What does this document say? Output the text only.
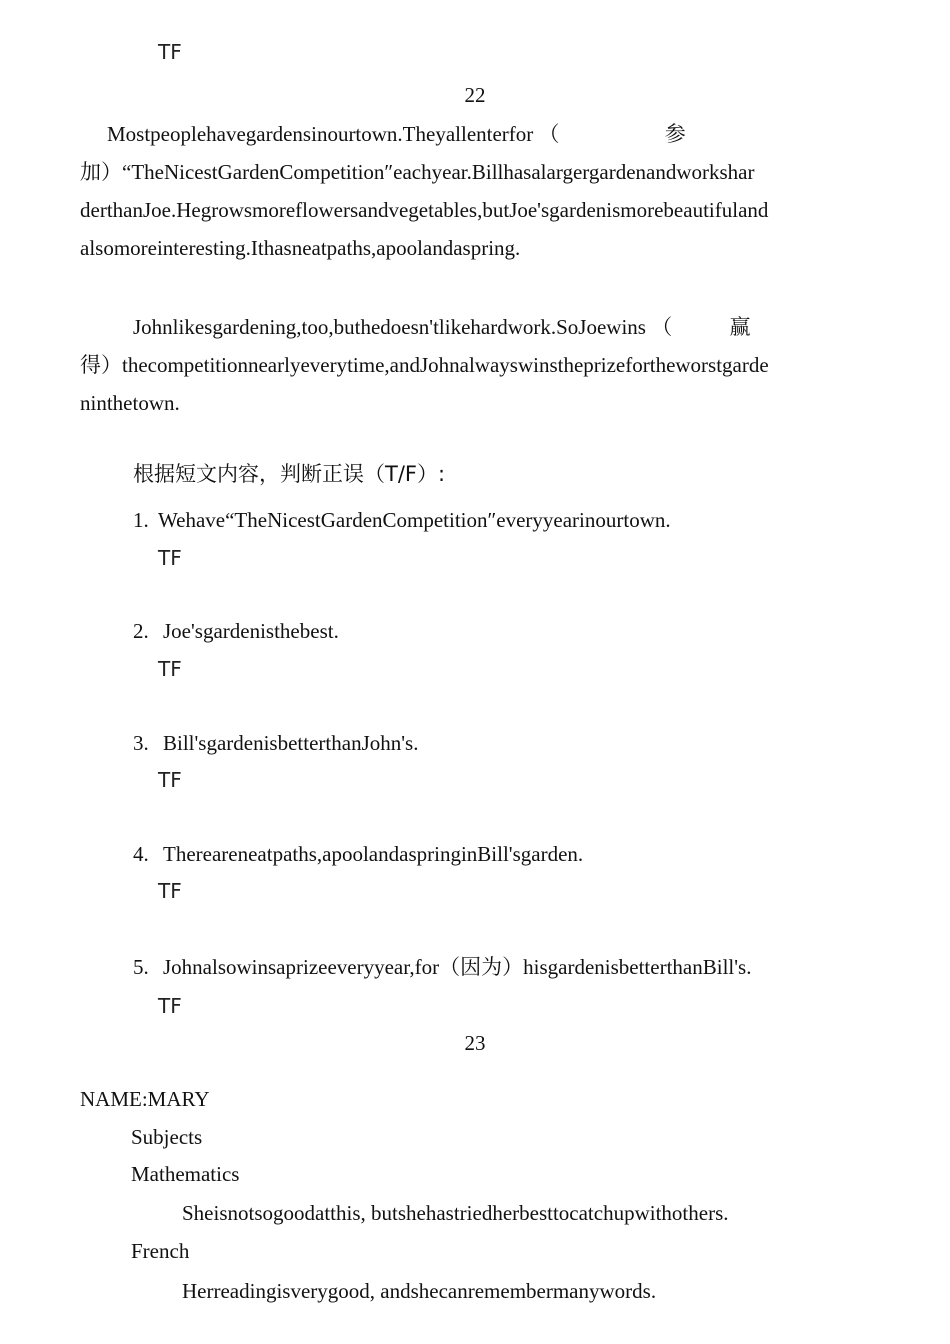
TF
22
Mostpeoplehavegardensinourtown.Theyallenterfor （	参
加）“TheNicestGardenCompetition″eachyear.Billhasalargergardenandworkshar
derthanJoe.Hegrowsmoreflowersandvegetables,butJoe'sgardenismorebeautifuland
alsomoreinteresting.Ithasneatpaths,apoolandaspring.
Johnlikesgardening,too,buthedoesn'tlikehardwork.SoJoewins （	赢
得）thecompetitionnearlyeverytime,andJohnalwayswinstheprizefortheworstgarde
ninthetown.
根据短文内容，判断正误（T/F）:
1. Wehave“TheNicestGardenCompetition″everyyearinourtown.
TF
2. Joe'sgardenisthebest.
TF
3. Bill'sgardenisbetterthanJohn's.
TF
4. Thereareneatpaths,apoolandaspringinBill'sgarden.
TF
5. Johnalsowinsaprizeeveryyear,for（因为）hisgardenisbetterthanBill's.
TF
23
NAME:MARY
Subjects
Mathematics
Sheisnotsogoodatthis, butshehastriedherbesttocatchupwithothers.
French
Herreadingisverygood, andshecanremembermanywords.
